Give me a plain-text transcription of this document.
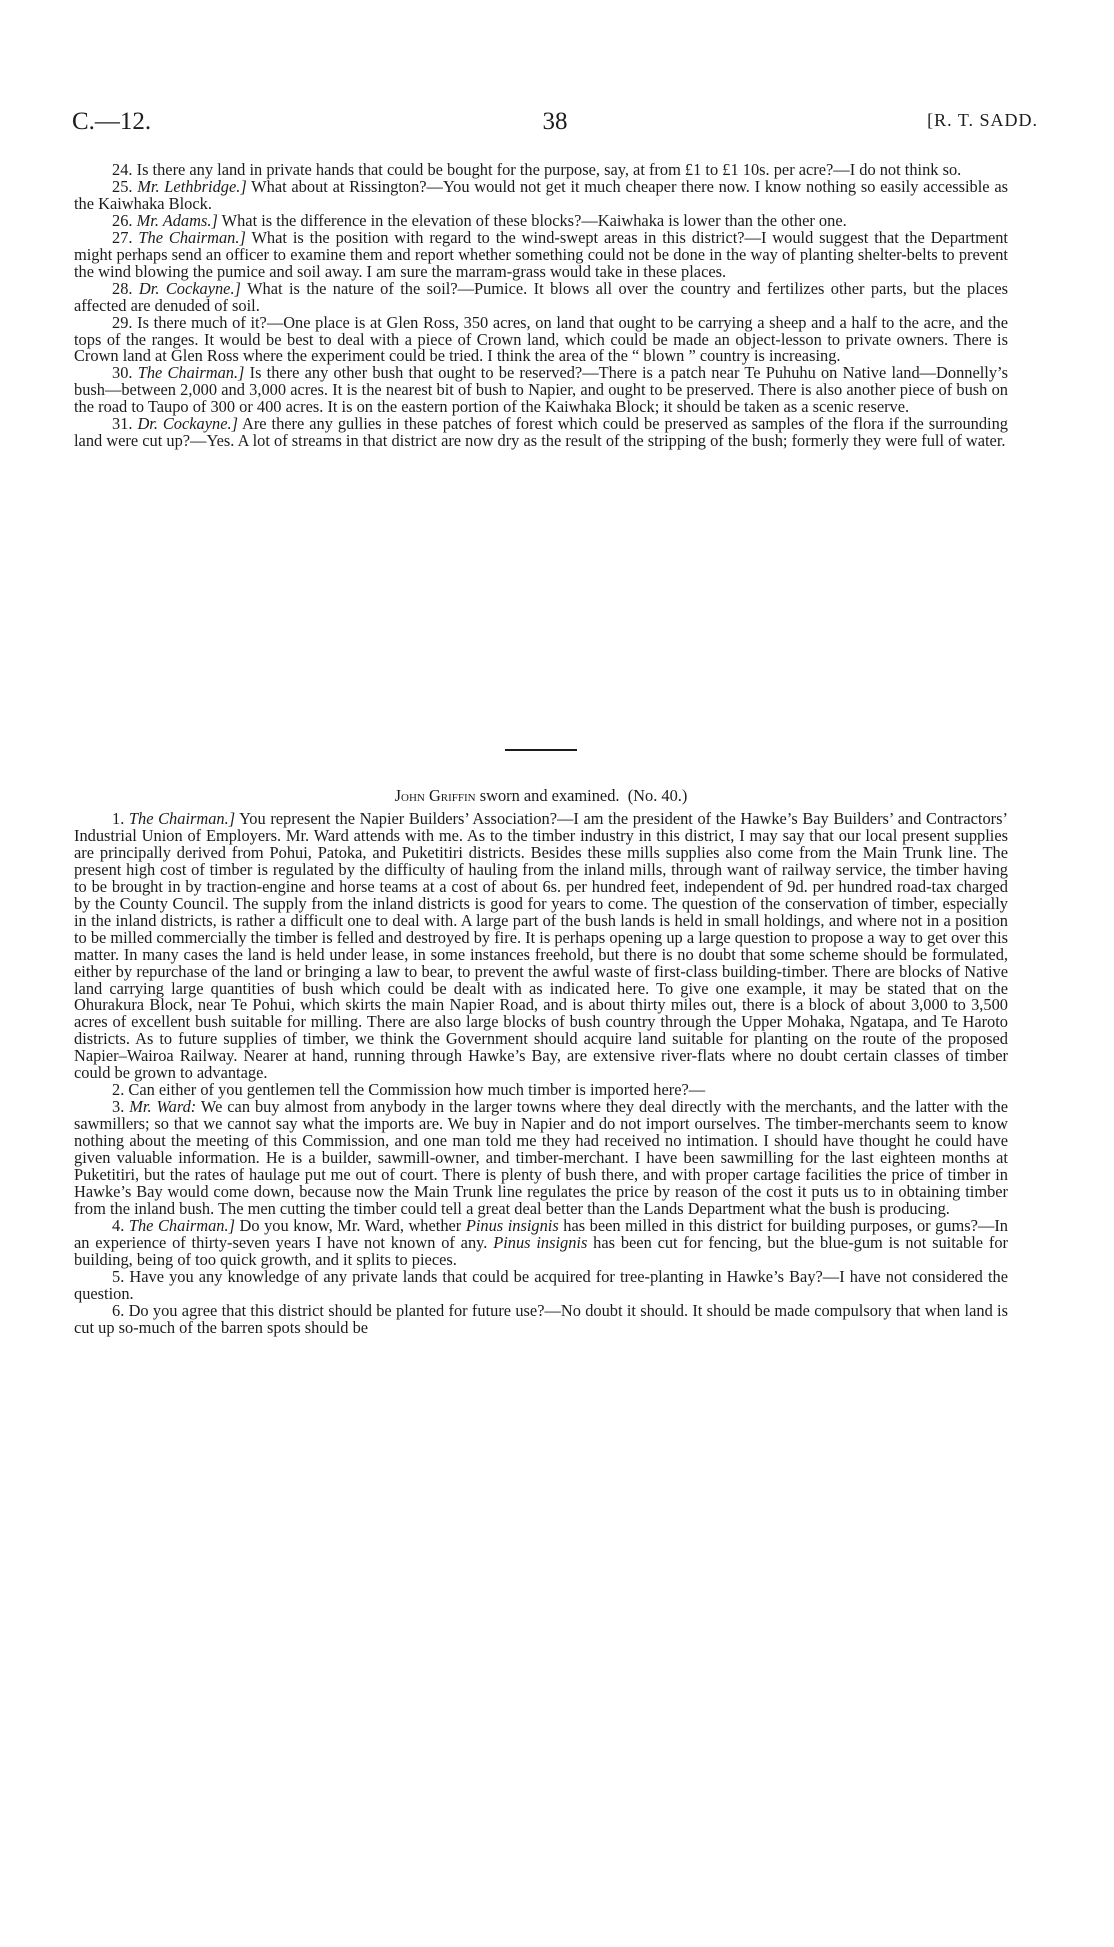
C.—12.	38	[R. T. SADD.

24. Is there any land in private hands that could be bought for the purpose, say, at from £1 to £1 10s. per acre?—I do not think so.

25. Mr. Lethbridge.] What about at Rissington?—You would not get it much cheaper there now. I know nothing so easily accessible as the Kaiwhaka Block.

26. Mr. Adams.] What is the difference in the elevation of these blocks?—Kaiwhaka is lower than the other one.

27. The Chairman.] What is the position with regard to the wind-swept areas in this district?—I would suggest that the Department might perhaps send an officer to examine them and report whether something could not be done in the way of planting shelter-belts to prevent the wind blowing the pumice and soil away. I am sure the marram-grass would take in these places.

28. Dr. Cockayne.] What is the nature of the soil?—Pumice. It blows all over the country and fertilizes other parts, but the places affected are denuded of soil.

29. Is there much of it?—One place is at Glen Ross, 350 acres, on land that ought to be carrying a sheep and a half to the acre, and the tops of the ranges. It would be best to deal with a piece of Crown land, which could be made an object-lesson to private owners. There is Crown land at Glen Ross where the experiment could be tried. I think the area of the “ blown ” country is increasing.

30. The Chairman.] Is there any other bush that ought to be reserved?—There is a patch near Te Puhuhu on Native land—Donnelly’s bush—between 2,000 and 3,000 acres. It is the nearest bit of bush to Napier, and ought to be preserved. There is also another piece of bush on the road to Taupo of 300 or 400 acres. It is on the eastern portion of the Kaiwhaka Block; it should be taken as a scenic reserve.

31. Dr. Cockayne.] Are there any gullies in these patches of forest which could be preserved as samples of the flora if the surrounding land were cut up?—Yes. A lot of streams in that district are now dry as the result of the stripping of the bush; formerly they were full of water.

John Griffin sworn and examined. (No. 40.)

1. The Chairman.] You represent the Napier Builders’ Association?—I am the president of the Hawke’s Bay Builders’ and Contractors’ Industrial Union of Employers. Mr. Ward attends with me. As to the timber industry in this district, I may say that our local present supplies are principally derived from Pohui, Patoka, and Puketitiri districts. Besides these mills supplies also come from the Main Trunk line. The present high cost of timber is regulated by the difficulty of hauling from the inland mills, through want of railway service, the timber having to be brought in by traction-engine and horse teams at a cost of about 6s. per hundred feet, independent of 9d. per hundred road-tax charged by the County Council. The supply from the inland districts is good for years to come. The question of the conservation of timber, especially in the inland districts, is rather a difficult one to deal with. A large part of the bush lands is held in small holdings, and where not in a position to be milled commercially the timber is felled and destroyed by fire. It is perhaps opening up a large question to propose a way to get over this matter. In many cases the land is held under lease, in some instances freehold, but there is no doubt that some scheme should be formulated, either by repurchase of the land or bringing a law to bear, to prevent the awful waste of first-class building-timber. There are blocks of Native land carrying large quantities of bush which could be dealt with as indicated here. To give one example, it may be stated that on the Ohurakura Block, near Te Pohui, which skirts the main Napier Road, and is about thirty miles out, there is a block of about 3,000 to 3,500 acres of excellent bush suitable for milling. There are also large blocks of bush country through the Upper Mohaka, Ngatapa, and Te Haroto districts. As to future supplies of timber, we think the Government should acquire land suitable for planting on the route of the proposed Napier–Wairoa Railway. Nearer at hand, running through Hawke’s Bay, are extensive river-flats where no doubt certain classes of timber could be grown to advantage.

2. Can either of you gentlemen tell the Commission how much timber is imported here?—

3. Mr. Ward: We can buy almost from anybody in the larger towns where they deal directly with the merchants, and the latter with the sawmillers; so that we cannot say what the imports are. We buy in Napier and do not import ourselves. The timber-merchants seem to know nothing about the meeting of this Commission, and one man told me they had received no intimation. I should have thought he could have given valuable information. He is a builder, sawmill-owner, and timber-merchant. I have been sawmilling for the last eighteen months at Puketitiri, but the rates of haulage put me out of court. There is plenty of bush there, and with proper cartage facilities the price of timber in Hawke’s Bay would come down, because now the Main Trunk line regulates the price by reason of the cost it puts us to in obtaining timber from the inland bush. The men cutting the timber could tell a great deal better than the Lands Department what the bush is producing.

4. The Chairman.] Do you know, Mr. Ward, whether Pinus insignis has been milled in this district for building purposes, or gums?—In an experience of thirty-seven years I have not known of any. Pinus insignis has been cut for fencing, but the blue-gum is not suitable for building, being of too quick growth, and it splits to pieces.

5. Have you any knowledge of any private lands that could be acquired for tree-planting in Hawke’s Bay?—I have not considered the question.

6. Do you agree that this district should be planted for future use?—No doubt it should. It should be made compulsory that when land is cut up so-much of the barren spots should be
